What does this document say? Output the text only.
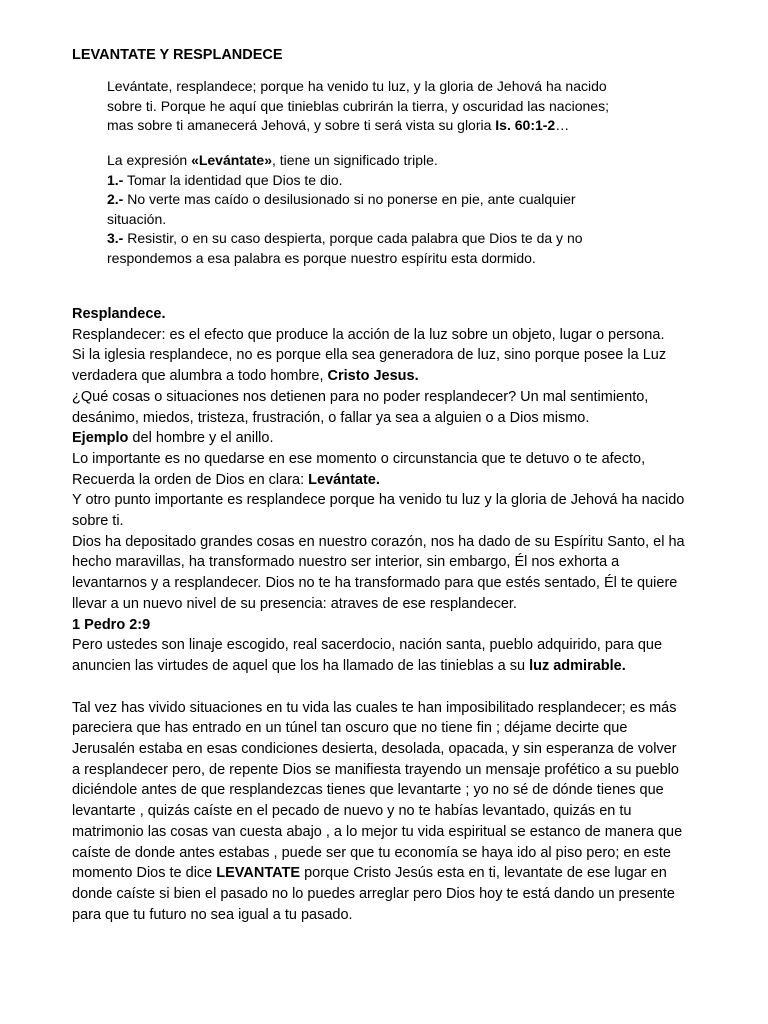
LEVANTATE Y RESPLANDECE

Levántate, resplandece; porque ha venido tu luz, y la gloria de Jehová ha nacido

sobre ti. Porque he aquí que tinieblas cubrirán la tierra, y oscuridad las naciones;

mas sobre ti amanecerá Jehová, y sobre ti será vista su gloria Is. 60:1-2…

La expresión «Levántate», tiene un significado triple.

1.- Tomar la identidad que Dios te dio.

2.- No verte mas caído o desilusionado si no ponerse en pie, ante cualquier

situación.

3.- Resistir, o en su caso despierta, porque cada palabra que Dios te da y no

respondemos a esa palabra es porque nuestro espíritu esta dormido.

Resplandece.

Resplandecer: es el efecto que produce la acción de la luz sobre un objeto, lugar o persona.

Si la iglesia resplandece, no es porque ella sea generadora de luz, sino porque posee la Luz

verdadera que alumbra a todo hombre, Cristo Jesus.

¿Qué cosas o situaciones nos detienen para no poder resplandecer? Un mal sentimiento,

desánimo, miedos, tristeza, frustración, o fallar ya sea a alguien o a Dios mismo.

Ejemplo del hombre y el anillo.

Lo importante es no quedarse en ese momento o circunstancia que te detuvo o te afecto,

Recuerda la orden de Dios en clara: Levántate.

Y otro punto importante es resplandece porque ha venido tu luz y la gloria de Jehová ha nacido

sobre ti.

Dios ha depositado grandes cosas en nuestro corazón, nos ha dado de su Espíritu Santo, el ha

hecho maravillas, ha transformado nuestro ser interior, sin embargo, Él nos exhorta a

levantarnos y a resplandecer. Dios no te ha transformado para que estés sentado, Él te quiere

llevar a un nuevo nivel de su presencia: atraves de ese resplandecer.

1 Pedro 2:9

Pero ustedes son linaje escogido, real sacerdocio, nación santa, pueblo adquirido, para que

anuncien las virtudes de aquel que los ha llamado de las tinieblas a su luz admirable.

Tal vez has vivido situaciones en tu vida las cuales te han imposibilitado resplandecer; es más

pareciera que has entrado en un túnel tan oscuro que no tiene fin ; déjame decirte que

Jerusalén estaba en esas condiciones desierta, desolada, opacada, y sin esperanza de volver

a resplandecer pero, de repente Dios se manifiesta trayendo un mensaje profético a su pueblo

diciéndole antes de que resplandezcas tienes que levantarte ; yo no sé de dónde tienes que

levantarte , quizás caíste en el pecado de nuevo y no te habías levantado, quizás en tu

matrimonio las cosas van cuesta abajo , a lo mejor tu vida espiritual se estanco de manera que

caíste de donde antes estabas , puede ser que tu economía se haya ido al piso pero; en este

momento Dios te dice LEVANTATE porque Cristo Jesús esta en ti, levantate de ese lugar en

donde caíste si bien el pasado no lo puedes arreglar pero Dios hoy te está dando un presente

para que tu futuro no sea igual a tu pasado.
